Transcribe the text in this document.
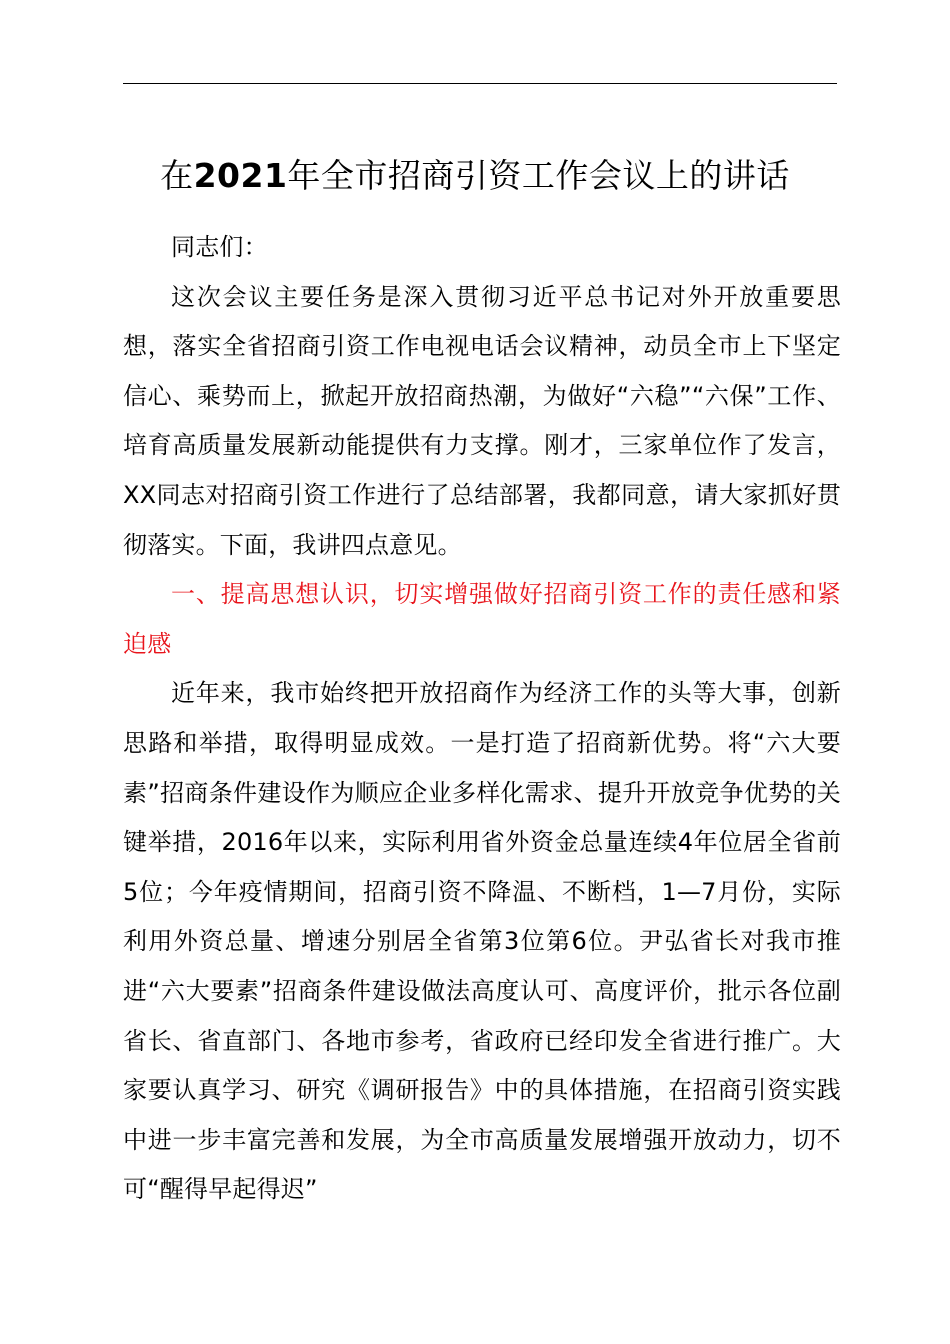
在2021年全市招商引资工作会议上的讲话

同志们：

这次会议主要任务是深入贯彻习近平总书记对外开放重要思想，落实全省招商引资工作电视电话会议精神，动员全市上下坚定信心、乘势而上，掀起开放招商热潮，为做好“六稳”“六保”工作、培育高质量发展新动能提供有力支撑。刚才，三家单位作了发言，XX同志对招商引资工作进行了总结部署，我都同意，请大家抓好贯彻落实。下面，我讲四点意见。

一、提高思想认识，切实增强做好招商引资工作的责任感和紧迫感

近年来，我市始终把开放招商作为经济工作的头等大事，创新思路和举措，取得明显成效。一是打造了招商新优势。将“六大要素”招商条件建设作为顺应企业多样化需求、提升开放竞争优势的关键举措，2016年以来，实际利用省外资金总量连续4年位居全省前5位；今年疫情期间，招商引资不降温、不断档，1—7月份，实际利用外资总量、增速分别居全省第3位第6位。尹弘省长对我市推进“六大要素”招商条件建设做法高度认可、高度评价，批示各位副省长、省直部门、各地市参考，省政府已经印发全省进行推广。大家要认真学习、研究《调研报告》中的具体措施，在招商引资实践中进一步丰富完善和发展，为全市高质量发展增强开放动力，切不可“醒得早起得迟”
